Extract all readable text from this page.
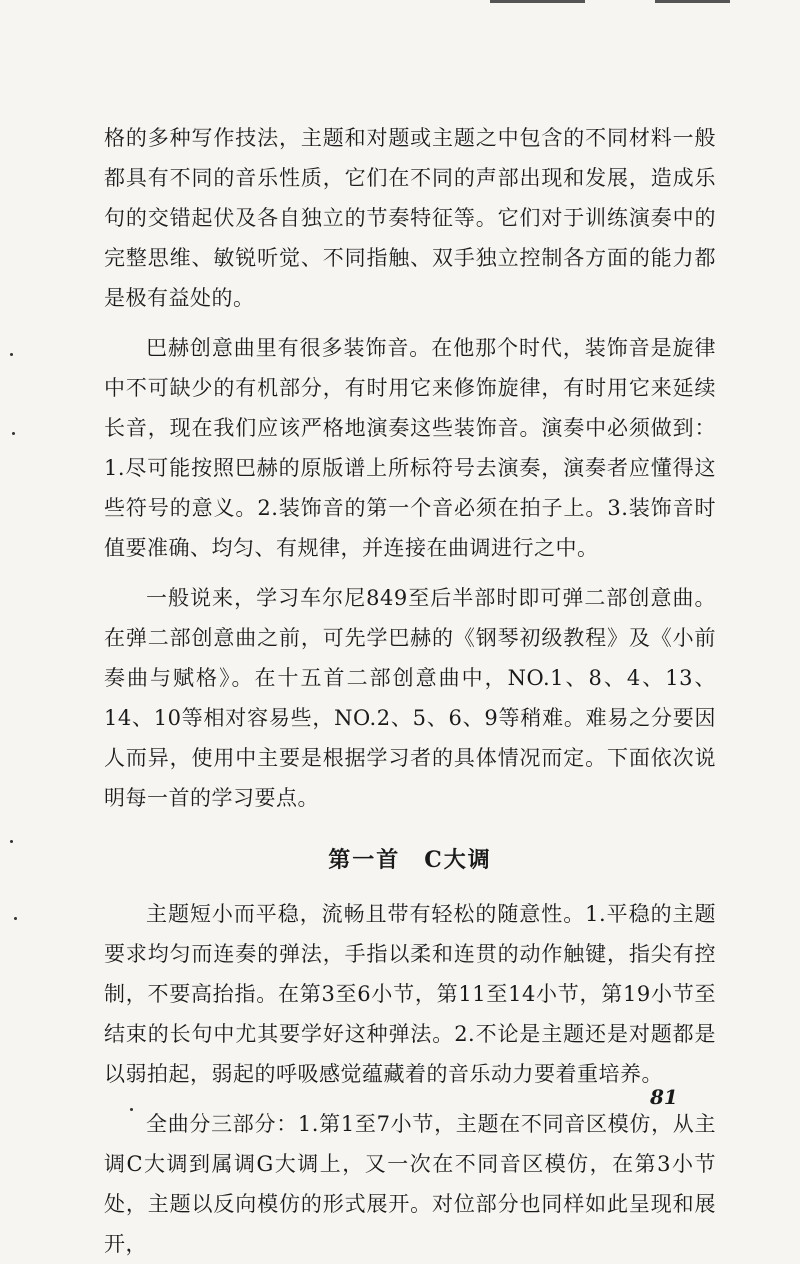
格的多种写作技法，主题和对题或主题之中包含的不同材料一般都具有不同的音乐性质，它们在不同的声部出现和发展，造成乐句的交错起伏及各自独立的节奏特征等。它们对于训练演奏中的完整思维、敏锐听觉、不同指触、双手独立控制各方面的能力都是极有益处的。

巴赫创意曲里有很多装饰音。在他那个时代，装饰音是旋律中不可缺少的有机部分，有时用它来修饰旋律，有时用它来延续长音，现在我们应该严格地演奏这些装饰音。演奏中必须做到：1.尽可能按照巴赫的原版谱上所标符号去演奏，演奏者应懂得这些符号的意义。2.装饰音的第一个音必须在拍子上。3.装饰音时值要准确、均匀、有规律，并连接在曲调进行之中。

一般说来，学习车尔尼849至后半部时即可弹二部创意曲。在弹二部创意曲之前，可先学巴赫的《钢琴初级教程》及《小前奏曲与赋格》。在十五首二部创意曲中，NO.1、8、4、13、14、10等相对容易些，NO.2、5、6、9等稍难。难易之分要因人而异，使用中主要是根据学习者的具体情况而定。下面依次说明每一首的学习要点。

第一首　C大调

主题短小而平稳，流畅且带有轻松的随意性。1.平稳的主题要求均匀而连奏的弹法，手指以柔和连贯的动作触键，指尖有控制，不要高抬指。在第3至6小节，第11至14小节，第19小节至结束的长句中尤其要学好这种弹法。2.不论是主题还是对题都是以弱拍起，弱起的呼吸感觉蕴藏着的音乐动力要着重培养。

全曲分三部分：1.第1至7小节，主题在不同音区模仿，从主调C大调到属调G大调上，又一次在不同音区模仿，在第3小节处，主题以反向模仿的形式展开。对位部分也同样如此呈现和展开，

81
